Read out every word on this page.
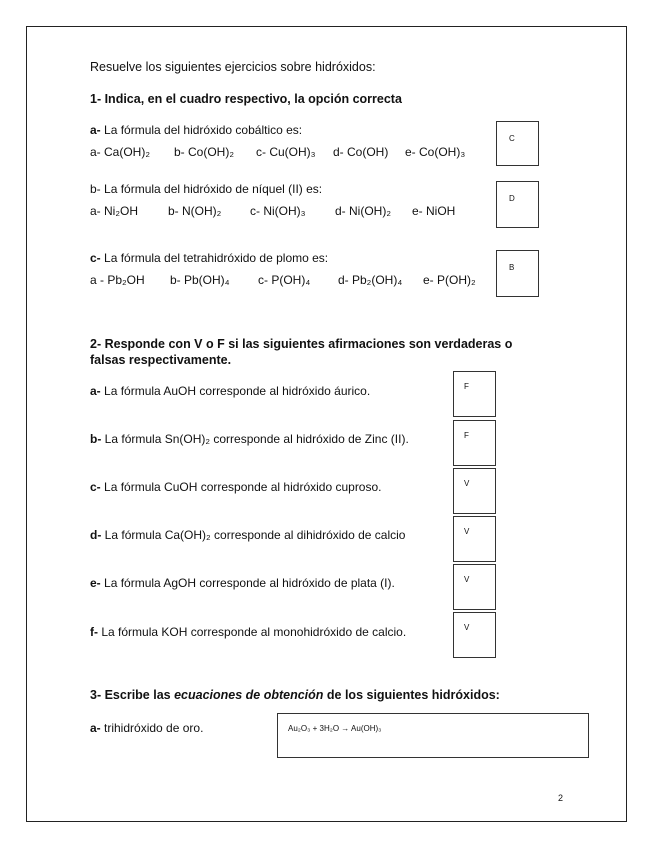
Resuelve los siguientes ejercicios sobre hidróxidos:
1- Indica, en el cuadro respectivo, la opción correcta
a- La fórmula del hidróxido cobáltico es:
a- Ca(OH)₂ b- Co(OH)₂ c- Cu(OH)₃ d- Co(OH) e- Co(OH)₃
C
b- La fórmula del hidróxido de níquel (II) es:
a- Ni₂OH	b- N(OH)₂ c- Ni(OH)₃ d- Ni(OH)₂ e- NiOH
D
c- La fórmula del tetrahidróxido de plomo es:
a - Pb₂OH b- Pb(OH)₄ c- P(OH)₄ d- Pb₂(OH)₄ e- P(OH)₂
B
2- Responde con V o F si las siguientes afirmaciones son verdaderas o
falsas respectivamente.
a- La fórmula AuOH corresponde al hidróxido áurico.	F
b- La fórmula Sn(OH)₂ corresponde al hidróxido de Zinc (II).	F
c- La fórmula CuOH corresponde al hidróxido cuproso.	V
d- La fórmula Ca(OH)₂ corresponde al dihidróxido de calcio	V
e- La fórmula AgOH corresponde al hidróxido de plata (I).	V
f- La fórmula KOH corresponde al monohidróxido de calcio.	V
3- Escribe las ecuaciones de obtención de los siguientes hidróxidos:
a- trihidróxido de oro.	Au₂O₃ + 3H₂O → Au(OH)₃
2
